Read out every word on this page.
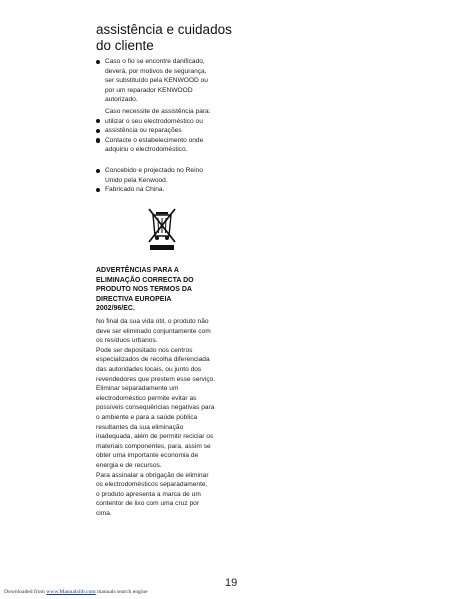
assistência e cuidados
do cliente
Caso o fio se encontre danificado,
deverá, por motivos de segurança,
ser substituído pela KENWOOD ou
por um reparador KENWOOD
autorizado.
Caso necessite de assistência para:
utilizar o seu electrodoméstico ou
assistência ou reparações
Contacte o estabelecimento onde
adquiriu o electrodoméstico.
Concebido e projectado no Reino
Unido pela Kenwood.
Fabricado na China.
ADVERTÊNCIAS PARA A
ELIMINAÇÃO CORRECTA DO
PRODUTO NOS TERMOS DA
DIRECTIVA EUROPEIA
2002/96/EC.
No final da sua vida útil, o produto não
deve ser eliminado conjuntamente com
os resíduos urbanos.
Pode ser depositado nos centros
especializados de recolha diferenciada
das autoridades locais, ou junto dos
revendedores que prestem esse serviço.
Eliminar separadamente um
electrodoméstico permite evitar as
possíveis consequências negativas para
o ambiente e para a saúde pública
resultantes da sua eliminação
inadequada, além de permitir reciclar os
materiais componentes, para, assim se
obter uma importante economia de
energia e de recursos.
Para assinalar a obrigação de eliminar
os electrodomésticos separadamente,
o produto apresenta a marca de um
contentor de lixo com uma cruz por
cima.
19
Downloaded from www.Manualslib.com manuals search engine
